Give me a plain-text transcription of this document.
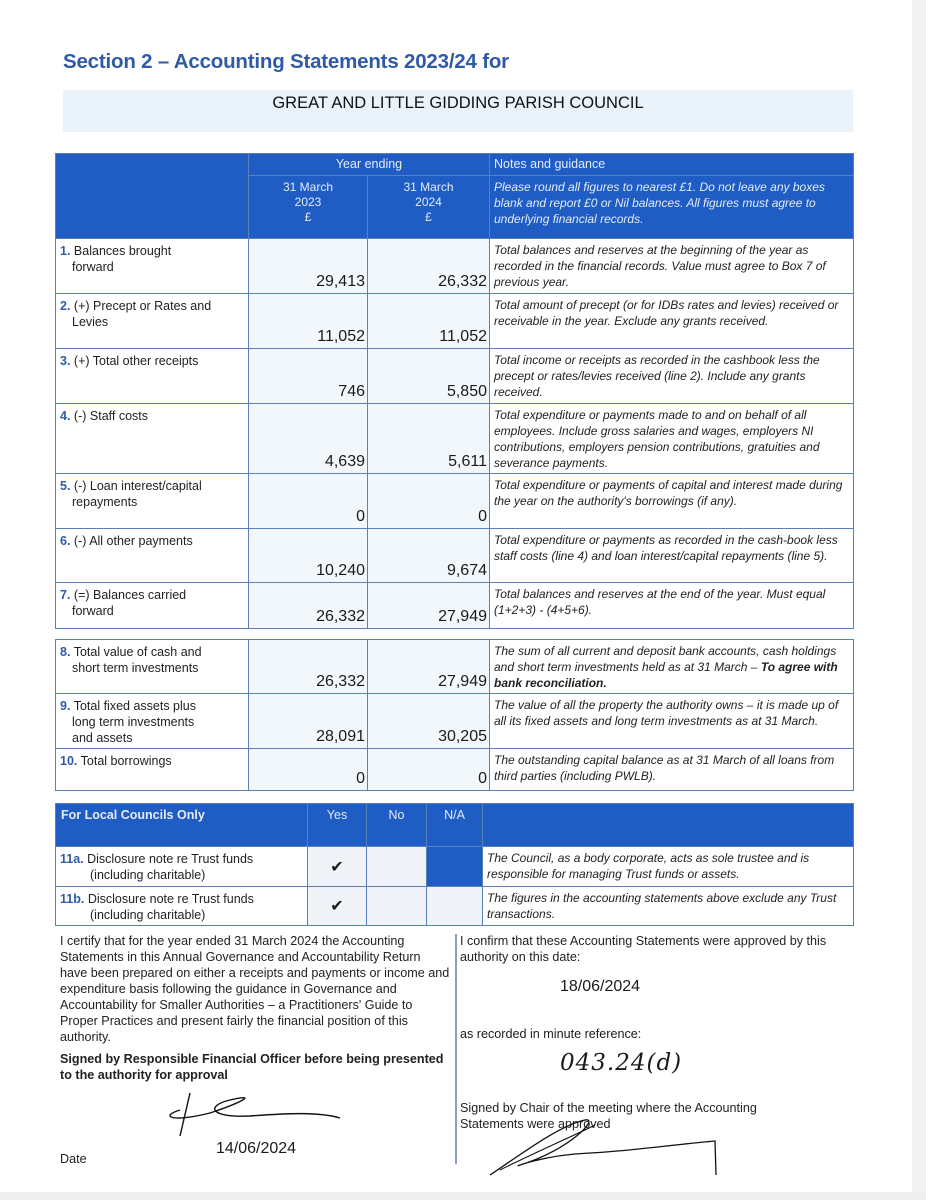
Section 2 – Accounting Statements 2023/24 for
GREAT AND LITTLE GIDDING PARISH COUNCIL
	Year ending		Notes and guidance

31 March
2023
£

31 March
2024
£
	Please round all figures to nearest £1. Do not leave any boxes blank and report £0 or Nil balances. All figures must agree to underlying financial records.
1. Balances brought
forward	29,413	26,332	Total balances and reserves at the beginning of the year as recorded in the financial records. Value must agree to Box 7 of previous year.
2. (+) Precept or Rates and
Levies	11,052	11,052	Total amount of precept (or for IDBs rates and levies) received or receivable in the year. Exclude any grants received.
3. (+) Total other receipts	746	5,850	Total income or receipts as recorded in the cashbook less the precept or rates/levies received (line 2). Include any grants received.
4. (-) Staff costs	4,639	5,611	Total expenditure or payments made to and on behalf of all employees. Include gross salaries and wages, employers NI contributions, employers pension contributions, gratuities and severance payments.
5. (-) Loan interest/capital
repayments	0	0	Total expenditure or payments of capital and interest made during the year on the authority's borrowings (if any).
6. (-) All other payments	10,240	9,674	Total expenditure or payments as recorded in the cash-book less staff costs (line 4) and loan interest/capital repayments (line 5).
7. (=) Balances carried
forward	26,332	27,949	Total balances and reserves at the end of the year. Must equal (1+2+3) - (4+5+6).
8. Total value of cash and
short term investments	26,332	27,949	The sum of all current and deposit bank accounts, cash holdings and short term investments held as at 31 March – To agree with bank reconciliation.
9. Total fixed assets plus
long term investments
and assets	28,091	30,205	The value of all the property the authority owns – it is made up of all its fixed assets and long term investments as at 31 March.
10. Total borrowings	0	0	The outstanding capital balance as at 31 March of all loans from third parties (including PWLB).
For Local Councils Only	Yes	No	N/A	
11a. Disclosure note re Trust funds
(including charitable)	✔			The Council, as a body corporate, acts as sole trustee and is responsible for managing Trust funds or assets.
11b. Disclosure note re Trust funds
(including charitable)	✔			The figures in the accounting statements above exclude any Trust transactions.

I certify that for the year ended 31 March 2024 the Accounting Statements in this Annual Governance and Accountability Return have been prepared on either a receipts and payments or income and expenditure basis following the guidance in Governance and Accountability for Smaller Authorities – a Practitioners' Guide to Proper Practices and present fairly the financial position of this authority.

Signed by Responsible Financial Officer before being presented to the authority for approval

Date
14/06/2024
I confirm that these Accounting Statements were approved by this authority on this date:
18/06/2024
as recorded in minute reference:
043.24(d)
Signed by Chair of the meeting where the Accounting Statements were approved
